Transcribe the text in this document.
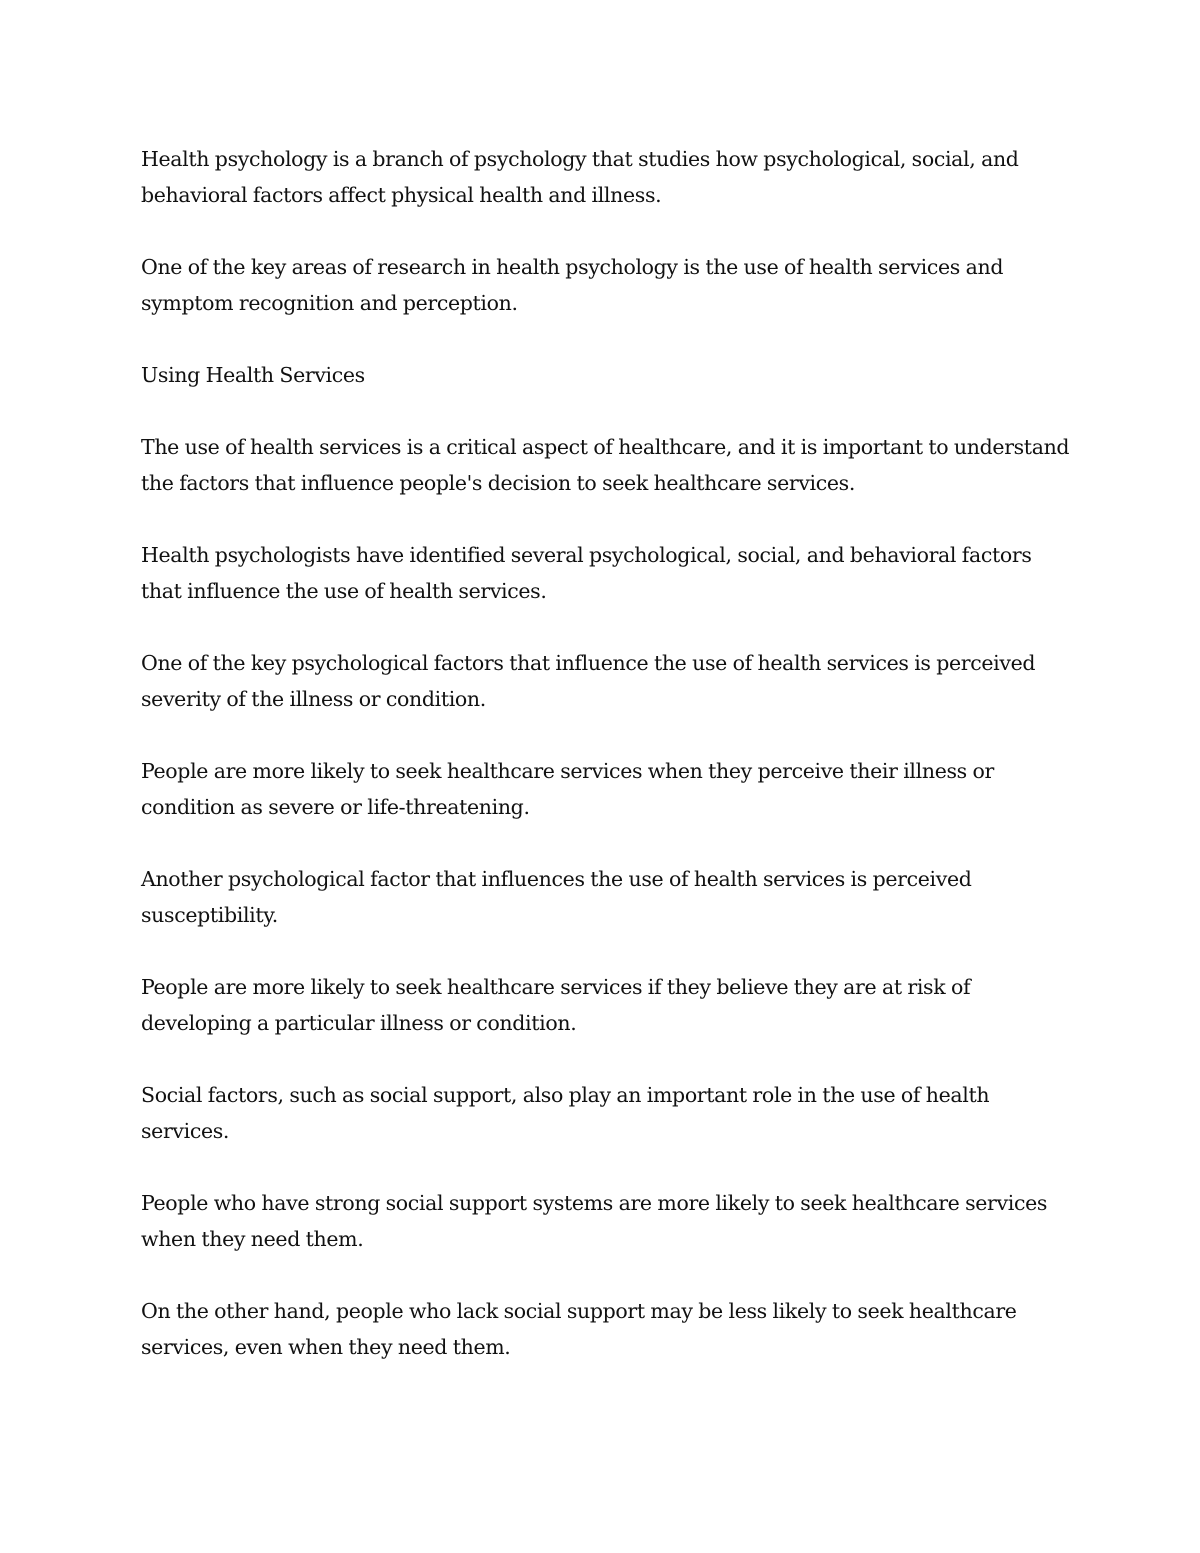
Health psychology is a branch of psychology that studies how psychological, social, and behavioral factors affect physical health and illness.

One of the key areas of research in health psychology is the use of health services and symptom recognition and perception.

Using Health Services

The use of health services is a critical aspect of healthcare, and it is important to understand the factors that influence people's decision to seek healthcare services.

Health psychologists have identified several psychological, social, and behavioral factors that influence the use of health services.

One of the key psychological factors that influence the use of health services is perceived severity of the illness or condition.

People are more likely to seek healthcare services when they perceive their illness or condition as severe or life-threatening.

Another psychological factor that influences the use of health services is perceived susceptibility.

People are more likely to seek healthcare services if they believe they are at risk of developing a particular illness or condition.

Social factors, such as social support, also play an important role in the use of health services.

People who have strong social support systems are more likely to seek healthcare services when they need them.

On the other hand, people who lack social support may be less likely to seek healthcare services, even when they need them.
